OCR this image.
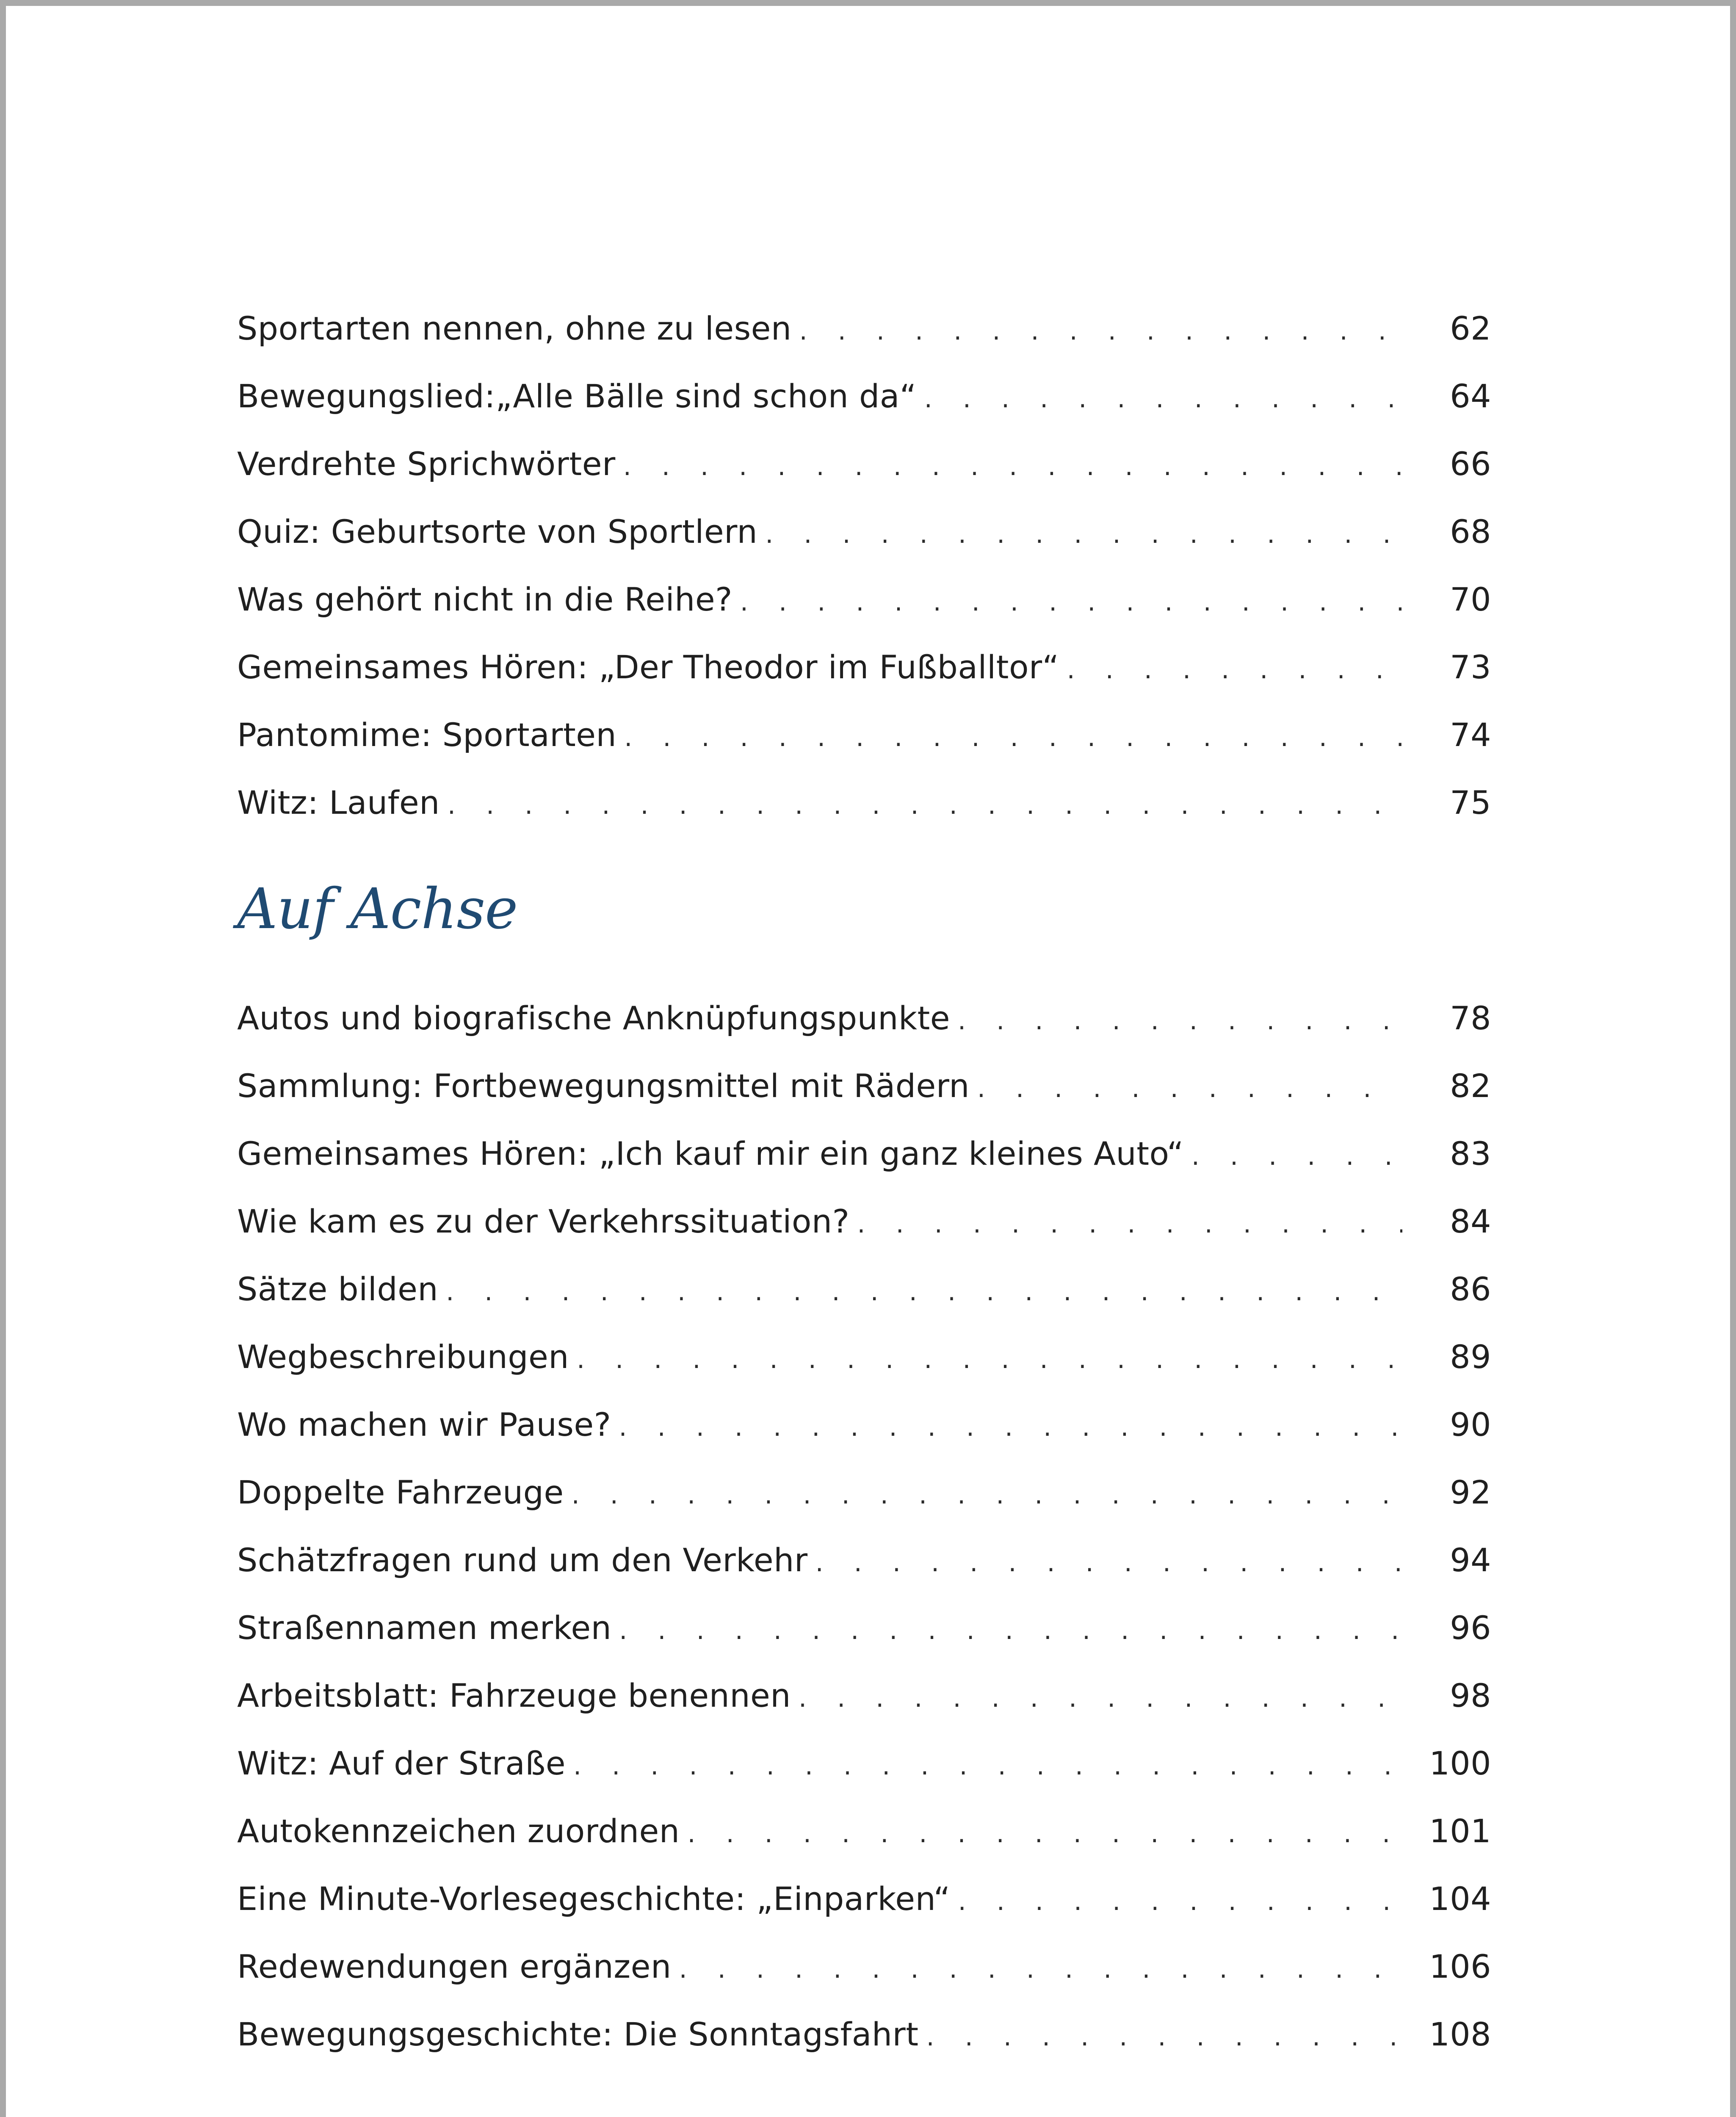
Sportarten nennen, ohne zu lesen . . .	62
Bewegungslied:„Alle Bälle sind schon da“ . . .	64
Verdrehte Sprichwörter . . .	66
Quiz: Geburtsorte von Sportlern . . .	68
Was gehört nicht in die Reihe? . . .	70
Gemeinsames Hören: „Der Theodor im Fußballtor“ . . .	73
Pantomime: Sportarten . . .	74
Witz: Laufen . . .	75
Auf Achse
Autos und biografische Anknüpfungspunkte . . .	78
Sammlung: Fortbewegungsmittel mit Rädern . . .	82
Gemeinsames Hören: „Ich kauf mir ein ganz kleines Auto“ . . .	83
Wie kam es zu der Verkehrssituation? . . .	84
Sätze bilden . . .	86
Wegbeschreibungen . . .	89
Wo machen wir Pause? . . .	90
Doppelte Fahrzeuge . . .	92
Schätzfragen rund um den Verkehr . . .	94
Straßennamen merken . . .	96
Arbeitsblatt: Fahrzeuge benennen . . .	98
Witz: Auf der Straße . . .	100
Autokennzeichen zuordnen . . .	101
Eine Minute-Vorlesegeschichte: „Einparken“ . . .	104
Redewendungen ergänzen . . .	106
Bewegungsgeschichte: Die Sonntagsfahrt . . .	108
. . .
